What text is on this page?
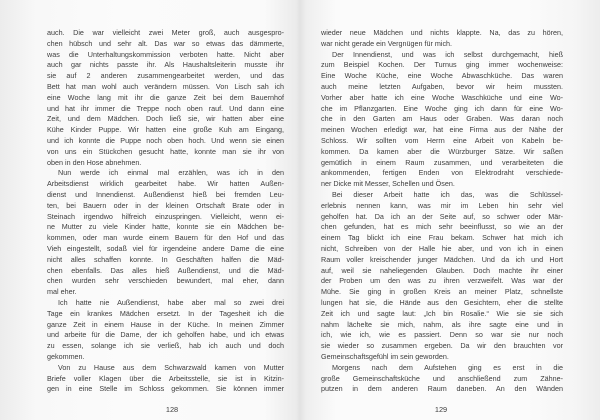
auch. Die war vielleicht zwei Meter groß, auch ausgespro-
chen hübsch und sehr alt. Das war so etwas das dämmerte,
was die Unterhaltungskommission verboten hatte. Nicht aber
auch gar nichts passte ihr. Als Haushaltsleiterin musste ihr
sie auf 2 anderen zusammengearbeitet werden, und das
Bett hat man wohl auch verändern müssen. Von Lisch sah ich
eine Woche lang mit ihr die ganze Zeit bei dem Bauernhof
und hat ihr immer die Treppe noch oben rauf. Und dann eine
Zeit, und dem Mädchen. Doch ließ sie, wir hatten aber eine
Kühe Kinder Puppe. Wir hatten eine große Kuh am Eingang,
und ich konnte die Puppe noch oben hoch. Und wenn sie einen
von uns ein Stückchen gesucht hatte, konnte man sie ihr von
oben in den Hose abnehmen.
Nun werde ich einmal mal erzählen, was ich in den
Arbeitsdienst wirklich gearbeitet habe. Wir hatten Außen-
dienst und Innendienst. Außendienst hieß bei fremden Leu-
ten, bei Bauern oder in der kleinen Ortschaft Brate oder in
Steinach irgendwo hilfreich einzuspringen. Vielleicht, wenn ei-
ne Mutter zu viele Kinder hatte, konnte sie ein Mädchen be-
kommen, oder man wurde einem Bauern für den Hof und das
Vieh eingestellt, sodaß viel für irgendeine andere Dame die eine
nicht alles schaffen konnte. In Geschäften halfen die Mäd-
chen ebenfalls. Das alles hieß Außendienst, und die Mäd-
chen wurden sehr verschieden bewundert, mal eher, dann
mal eher.
Ich hatte nie Außendienst, habe aber mal so zwei drei
Tage ein krankes Mädchen ersetzt. In der Tagesheit ich die
ganze Zeit in einem Hause in der Küche. In meinen Zimmer
und arbeite für die Dame, der ich geholfen habe, und ich etwas
zu essen, solange ich sie verließ, hab ich auch und doch
gekommen.
Von zu Hause aus dem Schwarzwald kamen von Mutter
Briefe voller Klagen über die Arbeitsstelle, sie ist in Kitzin-
gen in eine Stelle im Schloss gekommen. Sie können immer
128
wieder neue Mädchen und nichts klappte. Na, das zu hören,
war nicht gerade ein Vergnügen für mich.
Der Innendienst, und was ich selbst durchgemacht, hieß
zum Beispiel Kochen. Der Turnus ging immer wochenweise:
Eine Woche Küche, eine Woche Abwaschküche. Das waren
auch meine letzten Aufgaben, bevor wir heim mussten.
Vorher aber hatte ich eine Woche Waschküche und eine Wo-
che im Pflanzgarten. Eine Woche ging ich dann für eine Wo-
che in den Garten am Haus oder Graben. Was daran noch
meinen Wochen erledigt war, hat eine Firma aus der Nähe der
Schloss. Wir sollten vom Herrn eine Arbeit von Kabeln be-
kommen. Da kamen aber die Würzburger Sätze. Wir saßen
gemütlich in einem Raum zusammen, und verarbeiteten die
ankommenden, fertigen Enden von Elektrodraht verschiede-
ner Dicke mit Messer, Schellen und Ösen.
Bei dieser Arbeit hatte ich das, was die Schlüssel-
erlebnis nennen kann, was mir im Leben hin sehr viel
geholfen hat. Da ich an der Seite auf, so schwer oder Mär-
chen gefunden, hat es mich sehr beeinflusst, so wie an der
einem Tag blickt ich eine Frau bekam. Schwer hat mich ich
nicht, Schreiben von der Halle hie aber, und von ich in einen
Raum voller kreischender junger Mädchen. Und da ich und Hort
auf, weil sie naheliegenden Glauben. Doch machte ihr einer
der Proben um den was zu ihren verzweifelt. Was war der
Mühe. Sie ging in großen Kreis an meiner Platz, schnellste
lungen hat sie, die Hände aus den Gesichtern, eher die stellte
Zeit ich und sagte laut: „Ich bin Rosalie.“ Wie sie sie sich
nahm lächelte sie mich, nahm, als ihre sagte eine und in
ich, wie ich, wie es passiert. Denn so war sie nur noch
sie wieder so zusammen ergeben. Da wir den brauchten vor
Gemeinschaftsgefühl im sein geworden.
Morgens nach dem Aufstehen ging es erst in die
große Gemeinschaftsküche und anschließend zum Zähne-
putzen in dem anderen Raum daneben. An den Wänden
129
